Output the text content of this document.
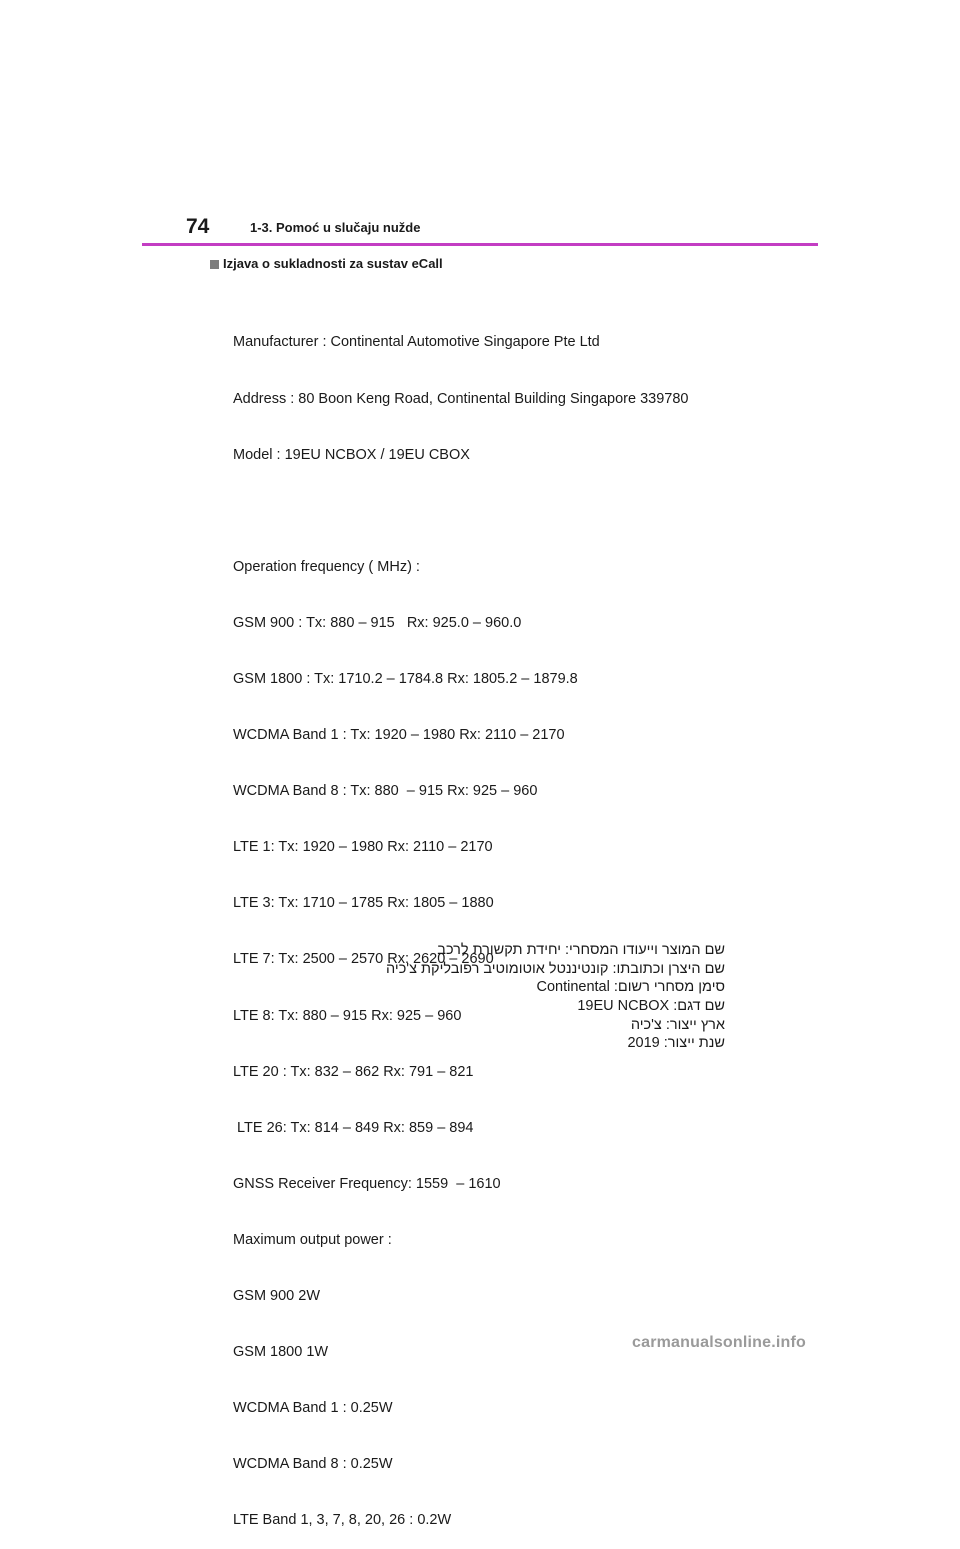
74	1-3. Pomoć u slučaju nužde
Izjava o sukladnosti za sustav eCall

Manufacturer : Continental Automotive Singapore Pte Ltd

Address : 80 Boon Keng Road, Continental Building Singapore 339780

Model : 19EU NCBOX / 19EU CBOX

Operation frequency ( MHz) :

GSM 900 : Tx: 880 – 915   Rx: 925.0 – 960.0

GSM 1800 : Tx: 1710.2 – 1784.8 Rx: 1805.2 – 1879.8

WCDMA Band 1 : Tx: 1920 – 1980 Rx: 2110 – 2170

WCDMA Band 8 : Tx: 880  – 915 Rx: 925 – 960

LTE 1: Tx: 1920 – 1980 Rx: 2110 – 2170

LTE 3: Tx: 1710 – 1785 Rx: 1805 – 1880

LTE 7: Tx: 2500 – 2570 Rx: 2620 – 2690

LTE 8: Tx: 880 – 915 Rx: 925 – 960

LTE 20 : Tx: 832 – 862 Rx: 791 – 821

LTE 26: Tx: 814 – 849 Rx: 859 – 894

GNSS Receiver Frequency: 1559  – 1610

Maximum output power :

GSM 900 2W

GSM 1800 1W

WCDMA Band 1 : 0.25W

WCDMA Band 8 : 0.25W

LTE Band 1, 3, 7, 8, 20, 26 : 0.2W

שם המוצר וייעודו המסחרי: יחידת תקשורת לרכב
שם היצרן וכתובתו: קונטיננטל אוטומוטיב רפובליקת צ'כיה
סימן מסחרי רשום: Continental
שם דגם: 19EU NCBOX
ארץ ייצור: צ'כיה
שנת ייצור: 2019
carmanualsonline.info
